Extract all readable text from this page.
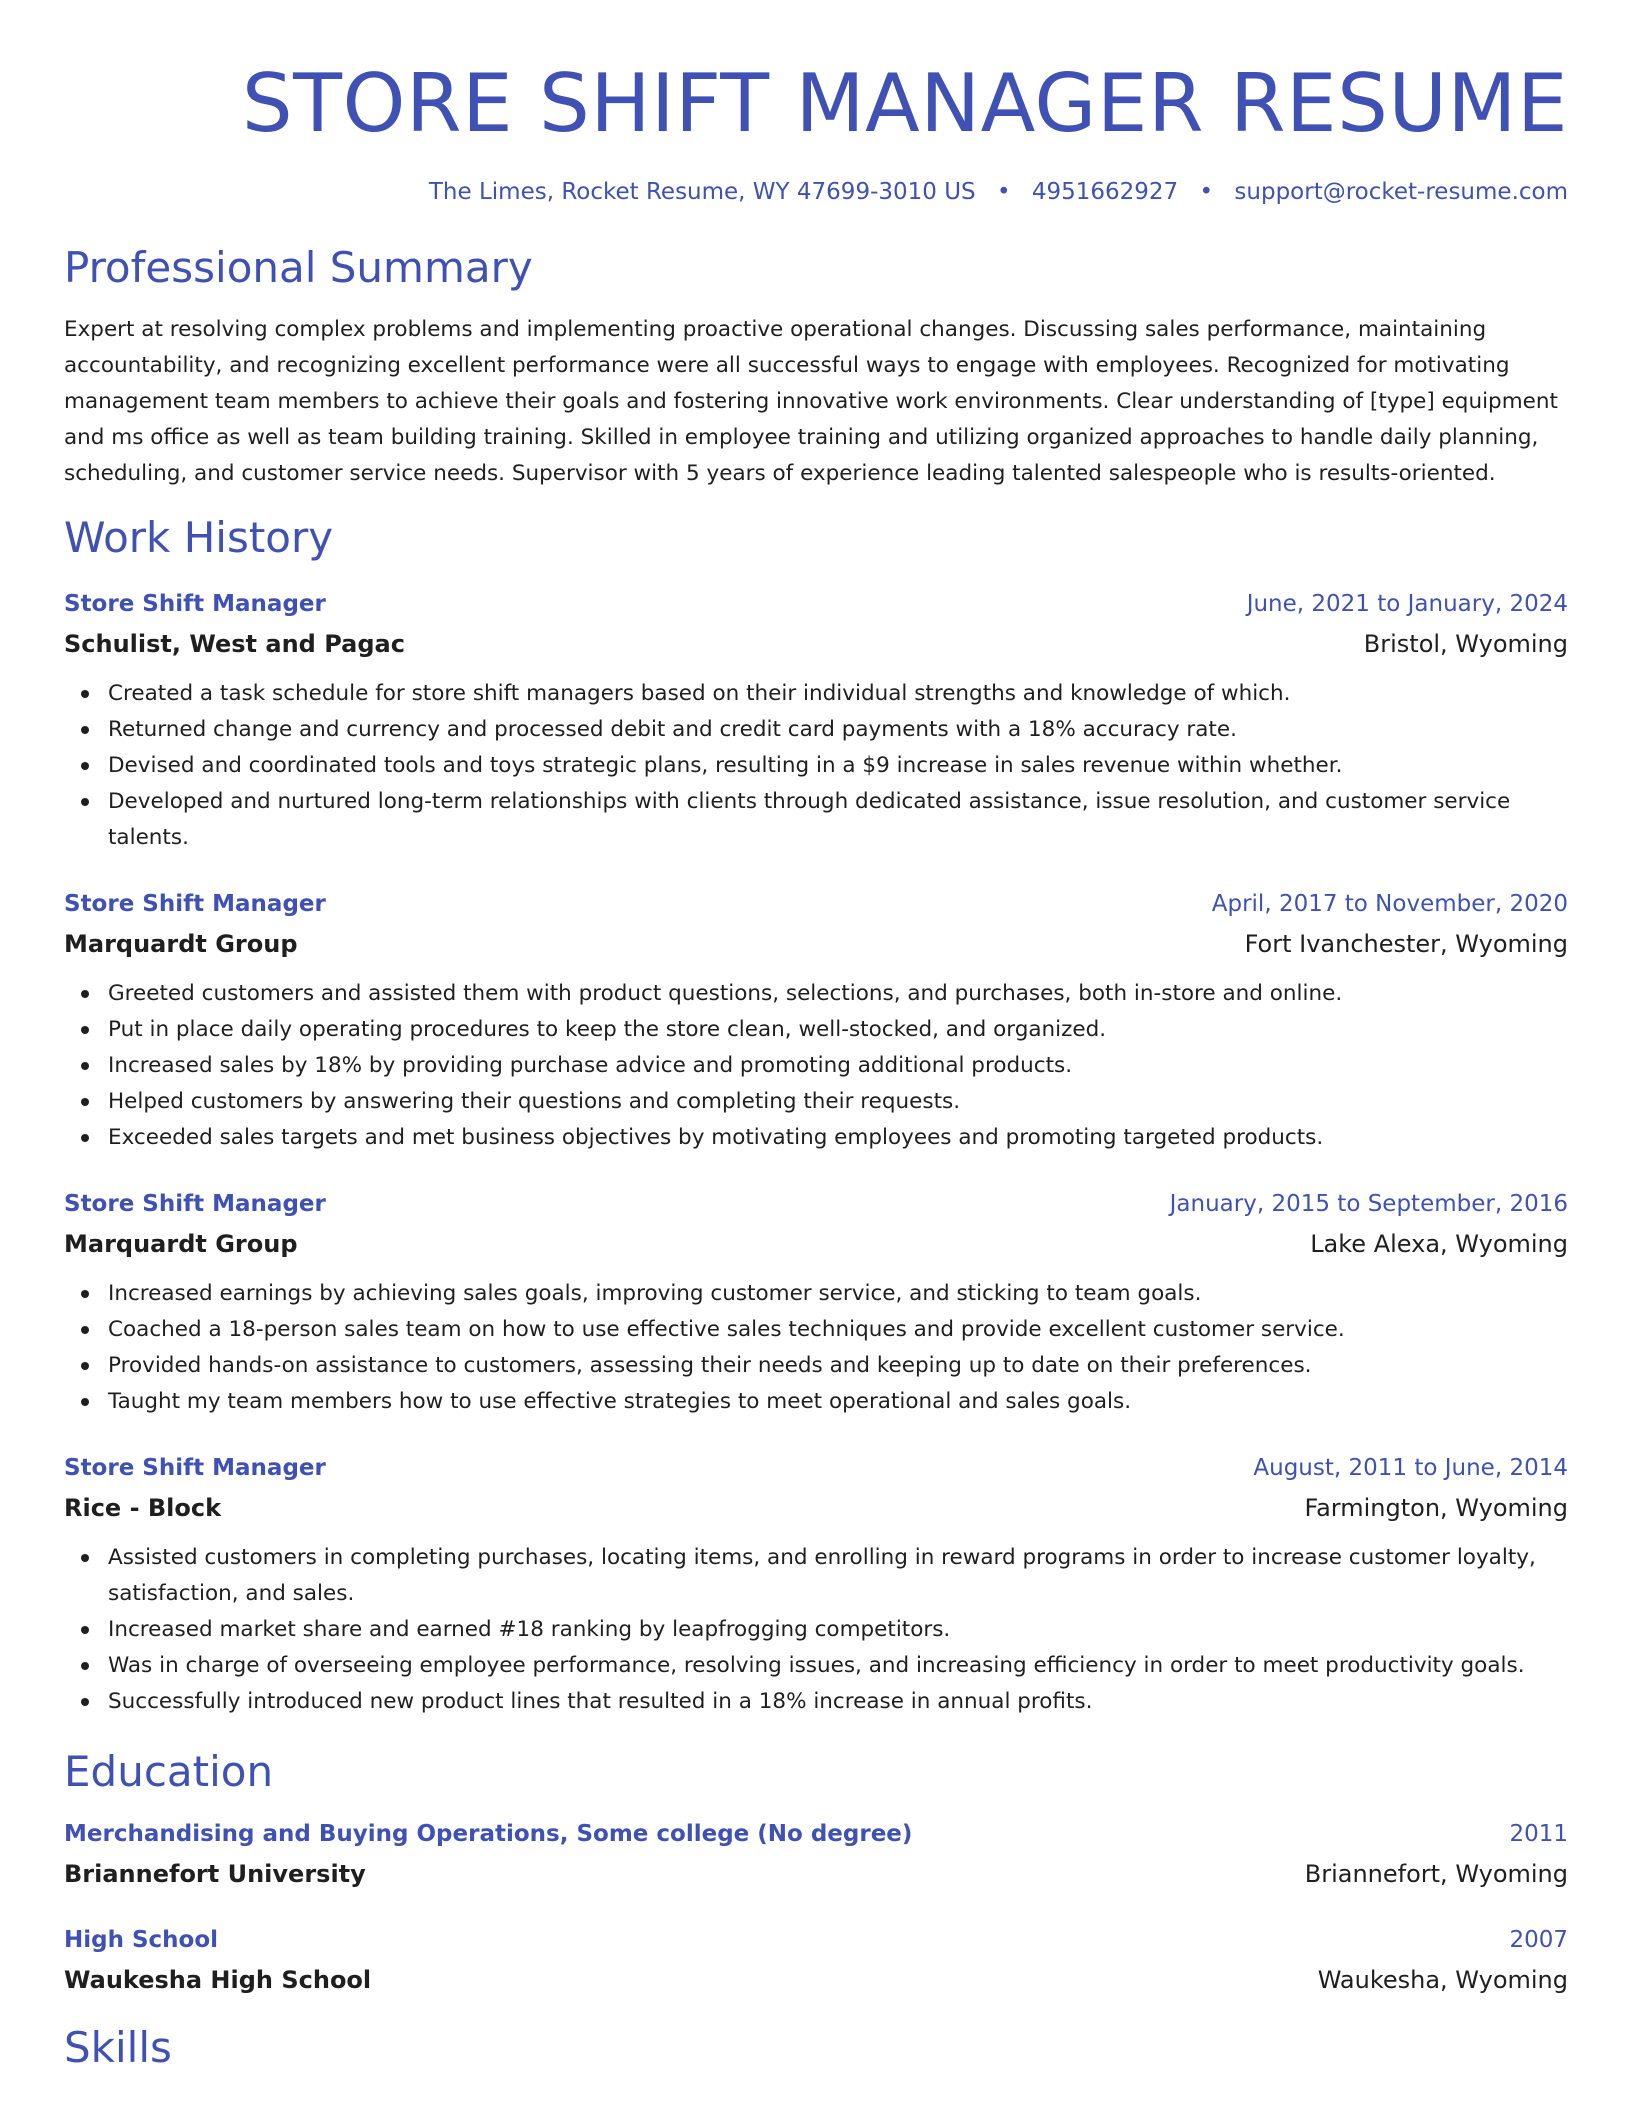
STORE SHIFT MANAGER RESUME
The Limes, Rocket Resume, WY 47699-3010 US • 4951662927 • support@rocket-resume.com
Professional Summary
Expert at resolving complex problems and implementing proactive operational changes. Discussing sales performance, maintaining accountability, and recognizing excellent performance were all successful ways to engage with employees. Recognized for motivating management team members to achieve their goals and fostering innovative work environments. Clear understanding of [type] equipment and ms office as well as team building training. Skilled in employee training and utilizing organized approaches to handle daily planning, scheduling, and customer service needs. Supervisor with 5 years of experience leading talented salespeople who is results-oriented.
Work History
Store Shift Manager	June, 2021 to January, 2024
Schulist, West and Pagac	Bristol, Wyoming
Created a task schedule for store shift managers based on their individual strengths and knowledge of which.
Returned change and currency and processed debit and credit card payments with a 18% accuracy rate.
Devised and coordinated tools and toys strategic plans, resulting in a $9 increase in sales revenue within whether.
Developed and nurtured long-term relationships with clients through dedicated assistance, issue resolution, and customer service talents.
Store Shift Manager	April, 2017 to November, 2020
Marquardt Group	Fort Ivanchester, Wyoming
Greeted customers and assisted them with product questions, selections, and purchases, both in-store and online.
Put in place daily operating procedures to keep the store clean, well-stocked, and organized.
Increased sales by 18% by providing purchase advice and promoting additional products.
Helped customers by answering their questions and completing their requests.
Exceeded sales targets and met business objectives by motivating employees and promoting targeted products.
Store Shift Manager	January, 2015 to September, 2016
Marquardt Group	Lake Alexa, Wyoming
Increased earnings by achieving sales goals, improving customer service, and sticking to team goals.
Coached a 18-person sales team on how to use effective sales techniques and provide excellent customer service.
Provided hands-on assistance to customers, assessing their needs and keeping up to date on their preferences.
Taught my team members how to use effective strategies to meet operational and sales goals.
Store Shift Manager	August, 2011 to June, 2014
Rice - Block	Farmington, Wyoming
Assisted customers in completing purchases, locating items, and enrolling in reward programs in order to increase customer loyalty, satisfaction, and sales.
Increased market share and earned #18 ranking by leapfrogging competitors.
Was in charge of overseeing employee performance, resolving issues, and increasing efficiency in order to meet productivity goals.
Successfully introduced new product lines that resulted in a 18% increase in annual profits.
Education
Merchandising and Buying Operations, Some college (No degree)	2011
Briannefort University	Briannefort, Wyoming
High School	2007
Waukesha High School	Waukesha, Wyoming
Skills
